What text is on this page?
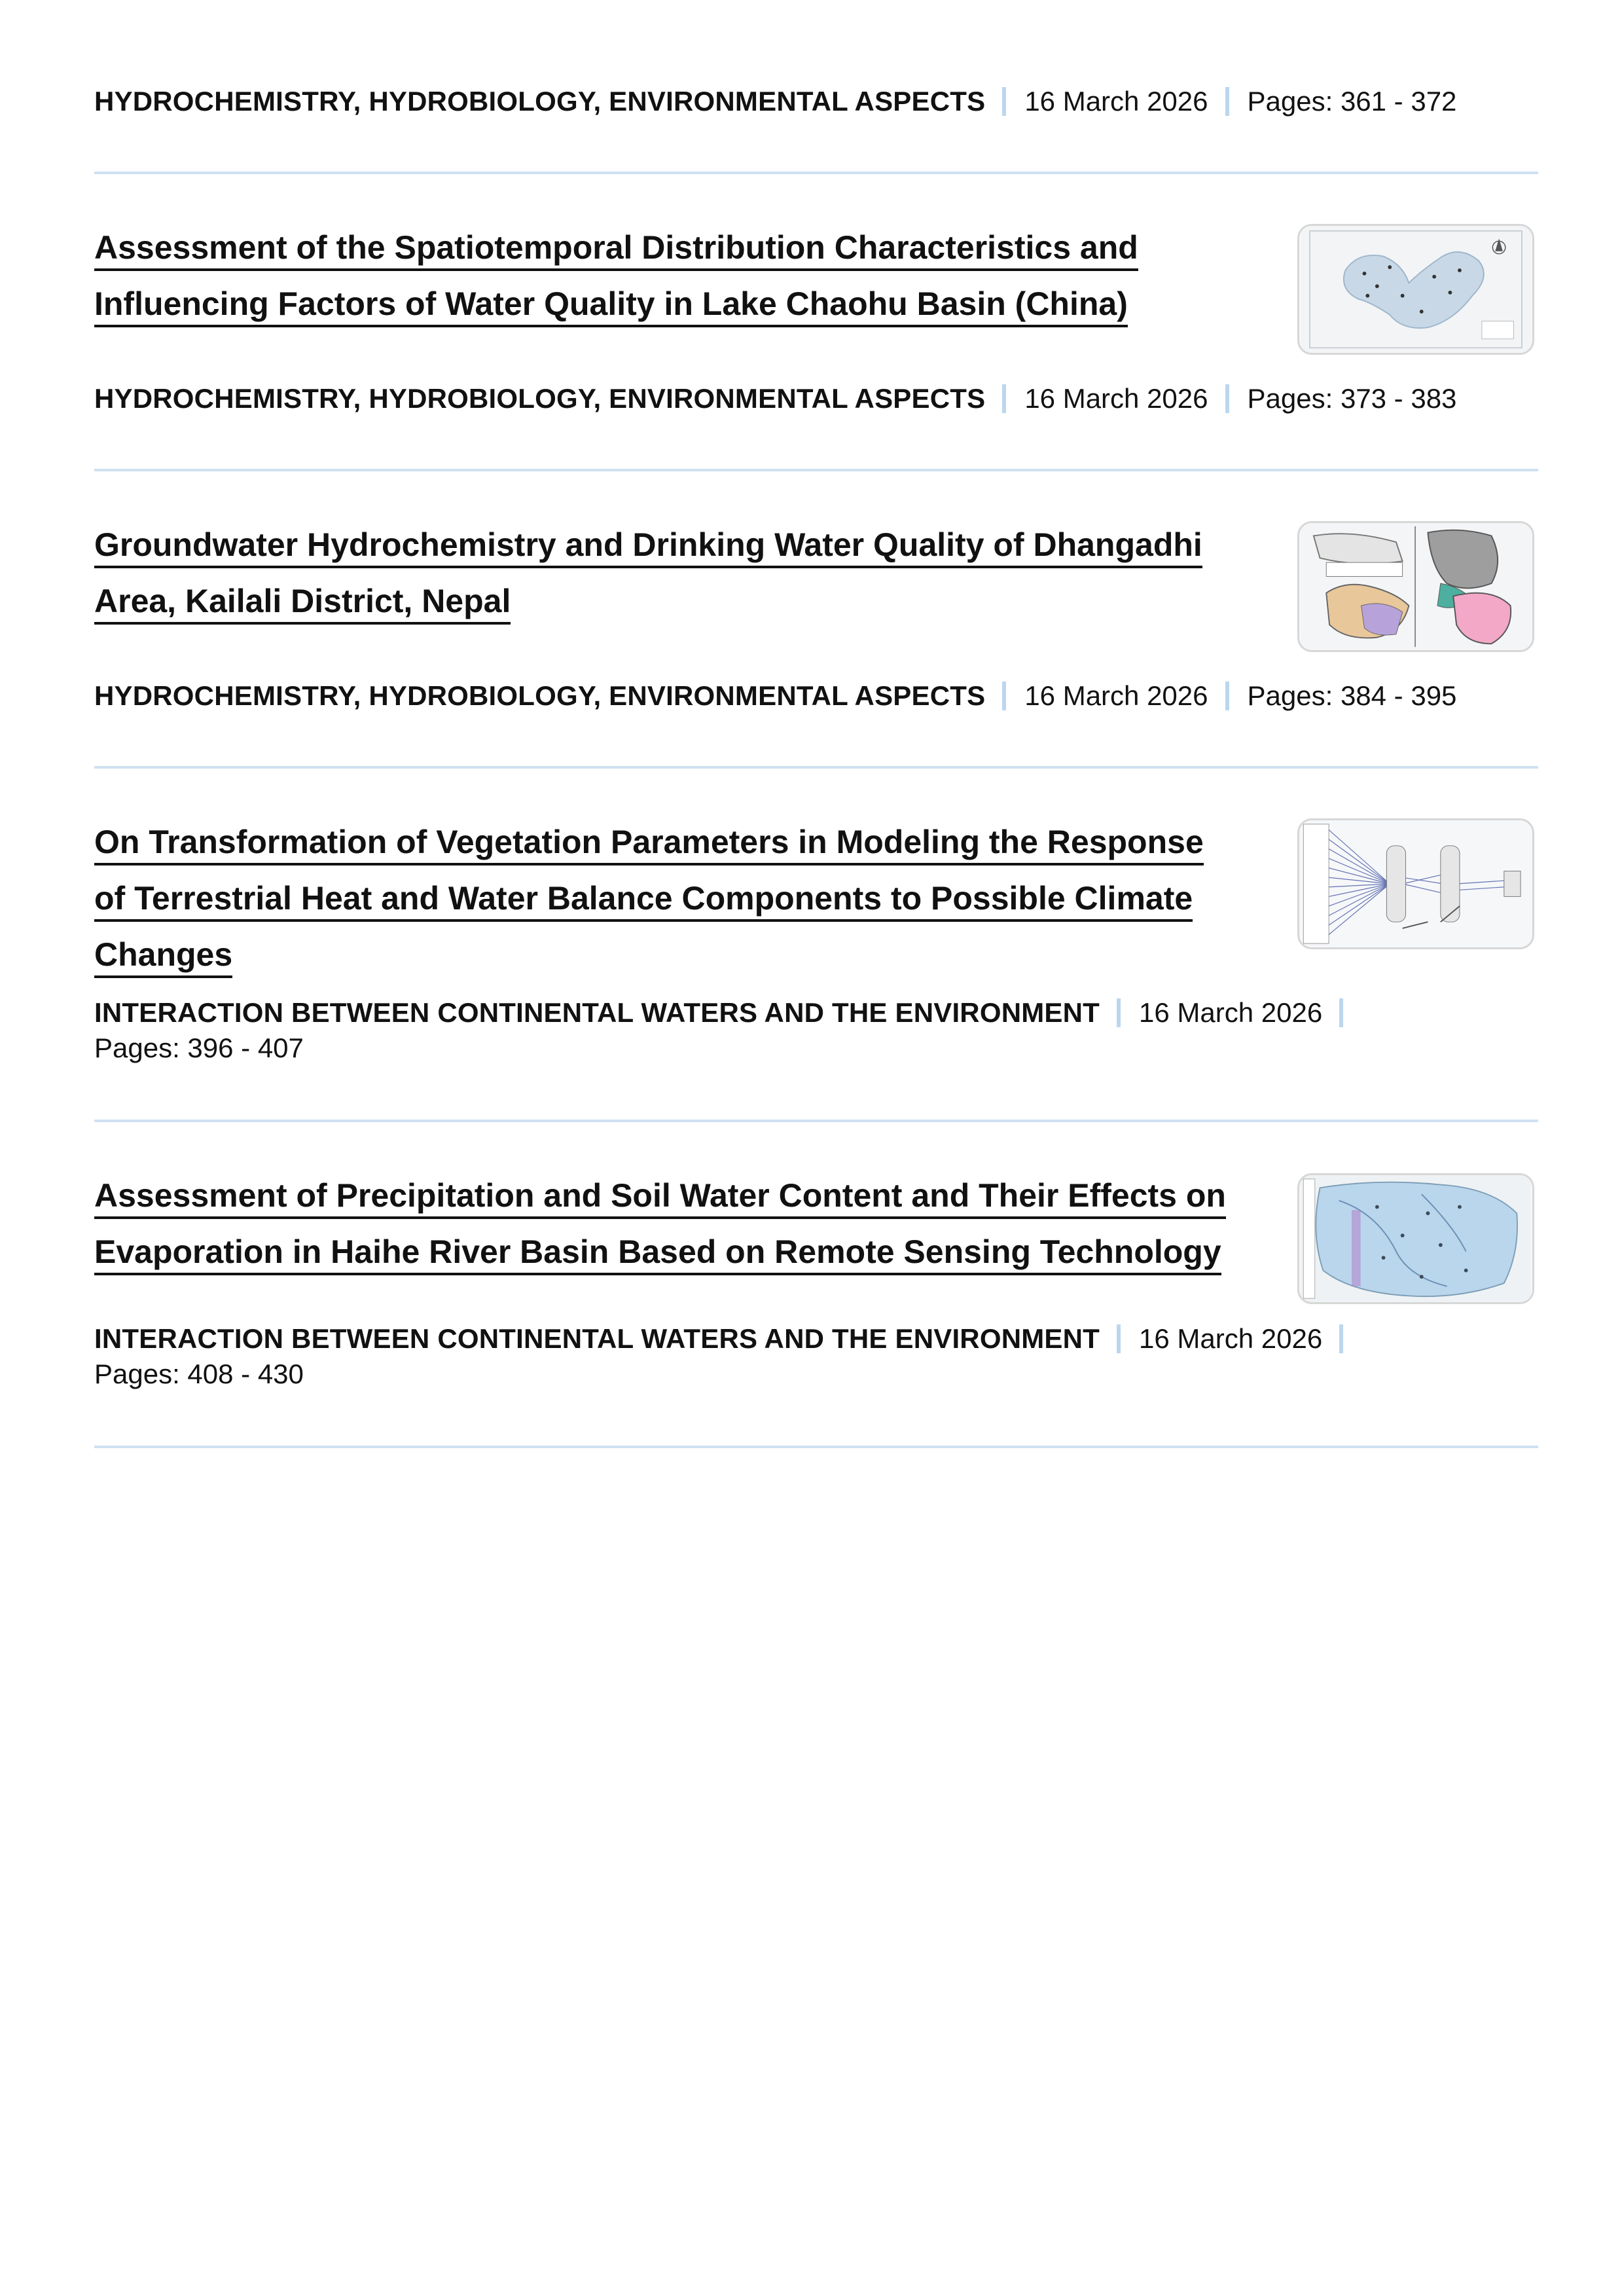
HYDROCHEMISTRY, HYDROBIOLOGY, ENVIRONMENTAL ASPECTS 16 March 2026 Pages: 361 - 372
Assessment of the Spatiotemporal Distribution Characteristics and
Influencing Factors of Water Quality in Lake Chaohu Basin (China)
HYDROCHEMISTRY, HYDROBIOLOGY, ENVIRONMENTAL ASPECTS 16 March 2026 Pages: 373 - 383
Groundwater Hydrochemistry and Drinking Water Quality of Dhangadhi
Area, Kailali District, Nepal
HYDROCHEMISTRY, HYDROBIOLOGY, ENVIRONMENTAL ASPECTS 16 March 2026 Pages: 384 - 395
On Transformation of Vegetation Parameters in Modeling the Response
of Terrestrial Heat and Water Balance Components to Possible Climate
Changes
INTERACTION BETWEEN CONTINENTAL WATERS AND THE ENVIRONMENT 16 March 2026
Pages: 396 - 407
Assessment of Precipitation and Soil Water Content and Their Effects on
Evaporation in Haihe River Basin Based on Remote Sensing Technology
INTERACTION BETWEEN CONTINENTAL WATERS AND THE ENVIRONMENT 16 March 2026
Pages: 408 - 430
